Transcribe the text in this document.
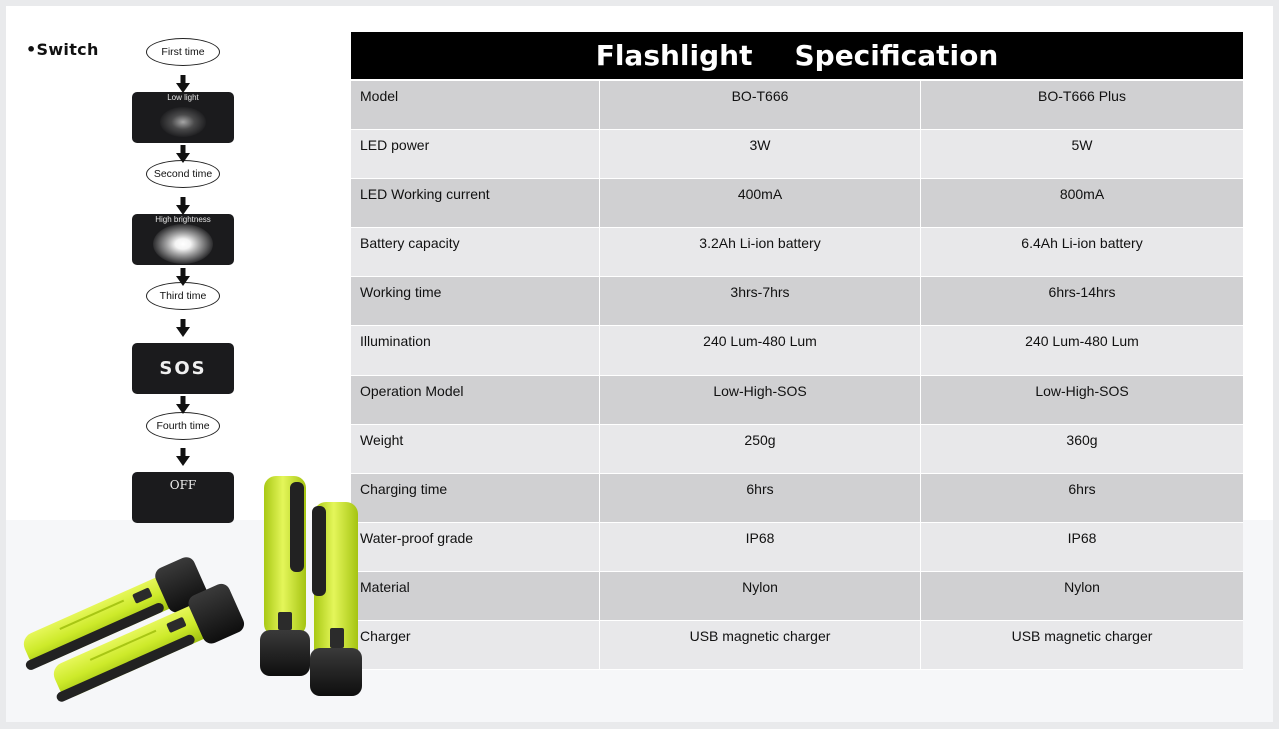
•Switch	First time
Low light
Second time
High brightness
Third time
SOS
Fourth time
OFF
Flashlight Specification
Model	BO-T666	BO-T666 Plus
LED power	3W	5W
LED Working current	400mA	800mA
Battery capacity	3.2Ah Li-ion battery	6.4Ah Li-ion battery
Working time	3hrs-7hrs	6hrs-14hrs
Illumination	240 Lum-480 Lum	240 Lum-480 Lum
Operation Model	Low-High-SOS	Low-High-SOS
Weight	250g	360g
Charging time	6hrs	6hrs
Water-proof grade	IP68	IP68
Material	Nylon	Nylon
Charger	USB magnetic charger	USB magnetic charger
